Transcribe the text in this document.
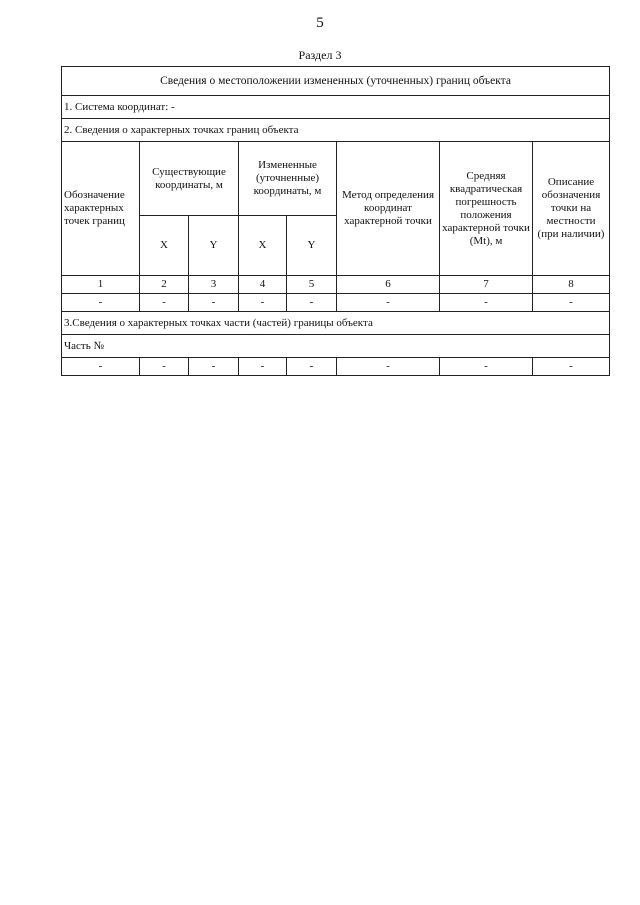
5
Раздел 3
Сведения о местоположении измененных (уточненных) границ объекта							
1. Система координат: -							
2. Сведения о характерных точках границ объекта							
Обозначение характерных точек границ	Существующие координаты, м		Измененные (уточненные) координаты, м		Метод определения координат характерной точки	Средняя квадратическая погрешность положения характерной точки (Mt), м	Описание обозначения точки на местности (при наличии)
	X	Y	X	Y			
1	2	3	4	5	6	7	8
-	-	-	-	-	-	-	-
3.Сведения о характерных точках части (частей) границы объекта							
Часть №							
-	-	-	-	-	-	-	-
